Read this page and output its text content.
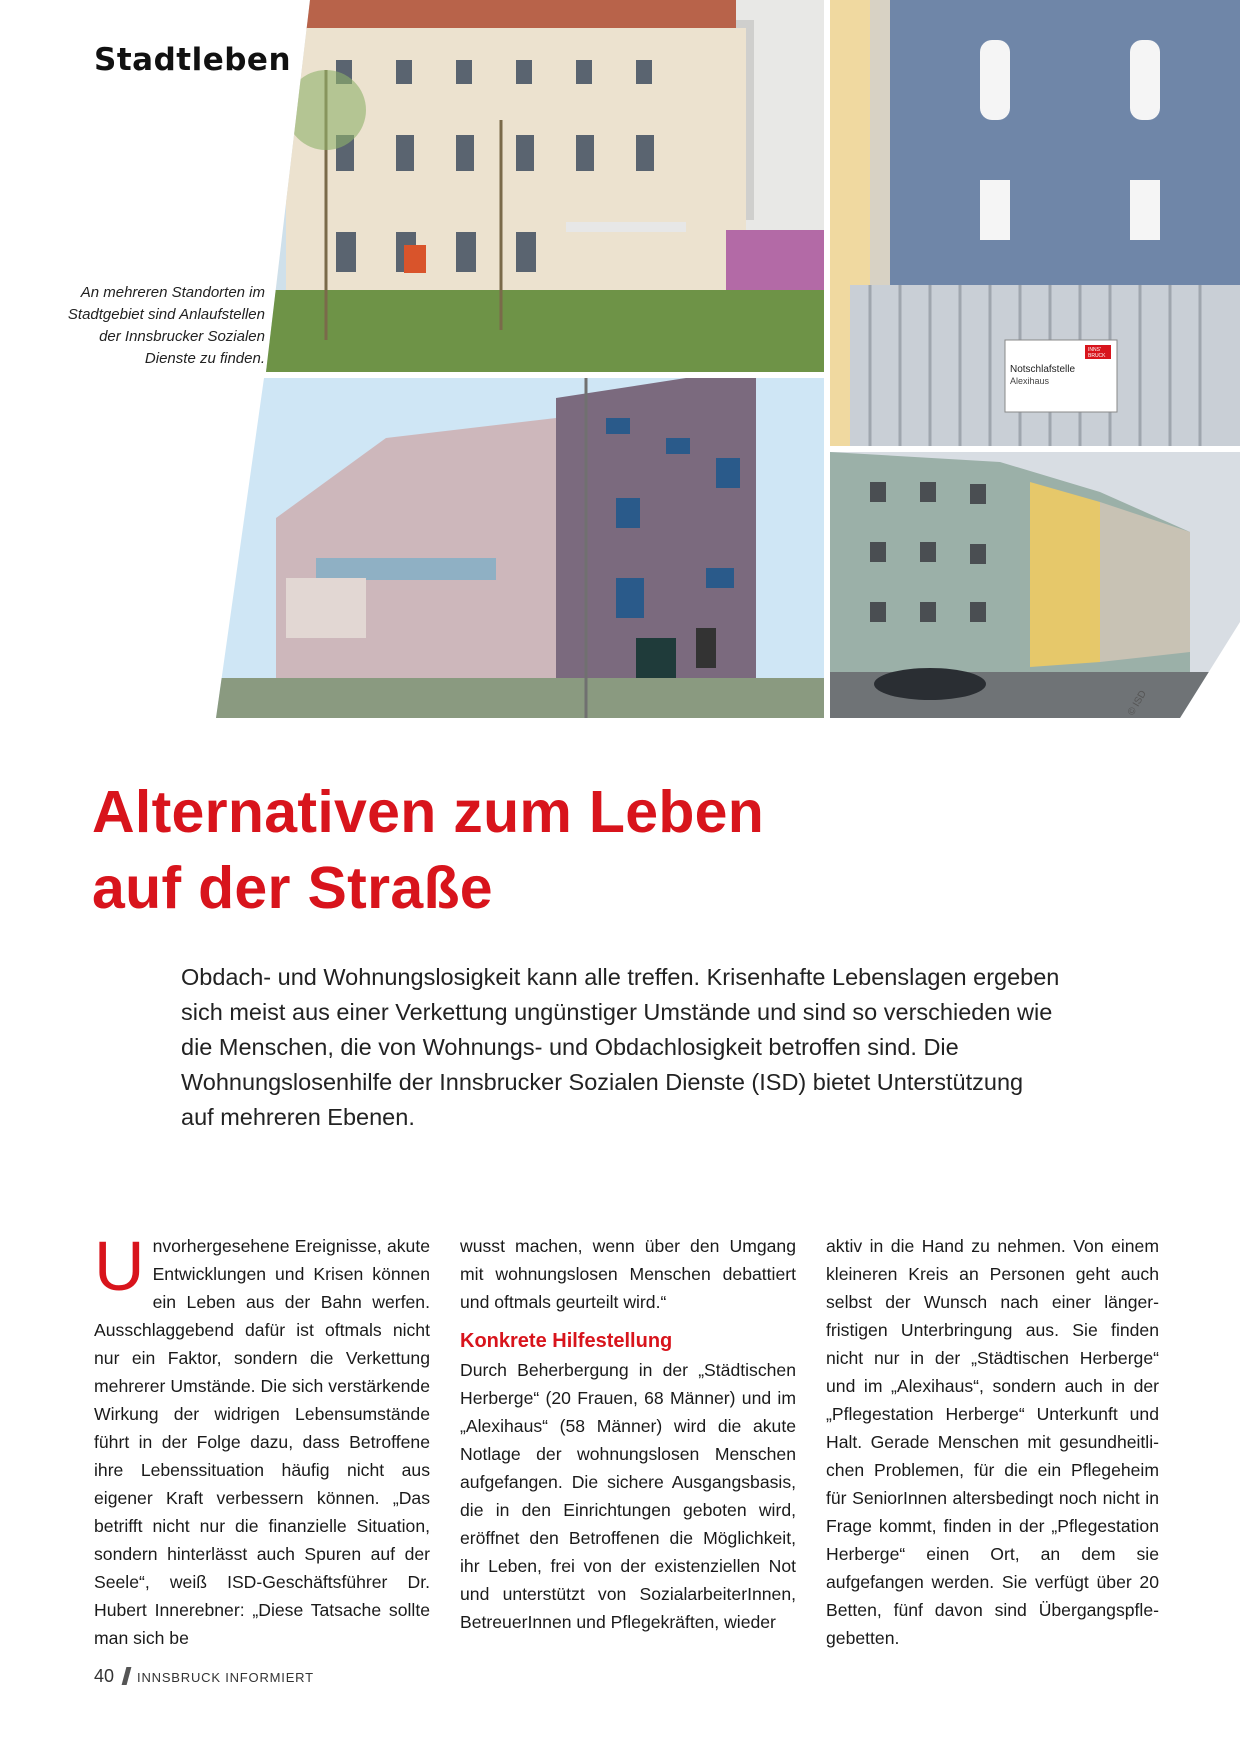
Stadtleben
An mehreren Standorten im Stadtgebiet sind Anlaufstellen der Innsbrucker Sozialen Dienste zu finden.	INNS'
BRUCK
Notschlafstelle
Alexihaus
© ISD
Alternativen zum Leben
auf der Straße

Obdach- und Wohnungslosigkeit kann alle treffen. Krisenhafte Lebenslagen ergeben sich meist aus einer Verkettung ungünstiger Umstände und sind so verschieden wie die Menschen, die von Wohnungs- und Obdachlosigkeit betroffen sind. Die Wohnungslosenhilfe der Innsbrucker Sozialen Dienste (ISD) bietet Unterstützung auf mehreren Ebenen.

U nvorhergesehene Ereignisse, akute Entwicklungen und Krisen können ein Leben aus der Bahn werfen. Ausschlaggebend dafür ist oftmals nicht nur ein Faktor, sondern die Verkettung mehrerer Umstände. Die sich verstärkende Wirkung der widrigen Lebensumstände führt in der Folge dazu, dass Betroffene ihre Lebenssituation häufig nicht aus eigener Kraft verbessern können. „Das betrifft nicht nur die finanzielle Situation, sondern hinterlässt auch Spuren auf der Seele“, weiß ISD-Geschäftsführer Dr. Hubert Innerebner: „Diese Tatsache sollte man sich be

wusst machen, wenn über den Umgang mit wohnungslosen Menschen debattiert und oftmals geurteilt wird.“

Konkrete Hilfestellung

Durch Beherbergung in der „Städtischen Herberge“ (20 Frauen, 68 Männer) und im „Alexihaus“ (58 Männer) wird die akute Notlage der wohnungslosen Menschen aufgefangen. Die sichere Ausgangsbasis, die in den Einrichtungen geboten wird, eröffnet den Betroffenen die Möglichkeit, ihr Leben, frei von der existenziellen Not und unterstützt von SozialarbeiterInnen, BetreuerInnen und Pflegekräften, wieder

aktiv in die Hand zu nehmen. Von einem kleineren Kreis an Personen geht auch selbst der Wunsch nach einer längerfristigen Unterbringung aus. Sie finden nicht nur in der „Städtischen Herberge“ und im „Alexihaus“, sondern auch in der „Pflegestation Herberge“ Unterkunft und Halt. Gerade Menschen mit gesundheitlichen Problemen, für die ein Pflegeheim für SeniorInnen altersbedingt noch nicht in Frage kommt, finden in der „Pflegestation Herberge“ einen Ort, an dem sie aufgefangen werden. Sie verfügt über 20 Betten, fünf davon sind Übergangspflegebetten.

40 INNSBRUCK INFORMIERT
